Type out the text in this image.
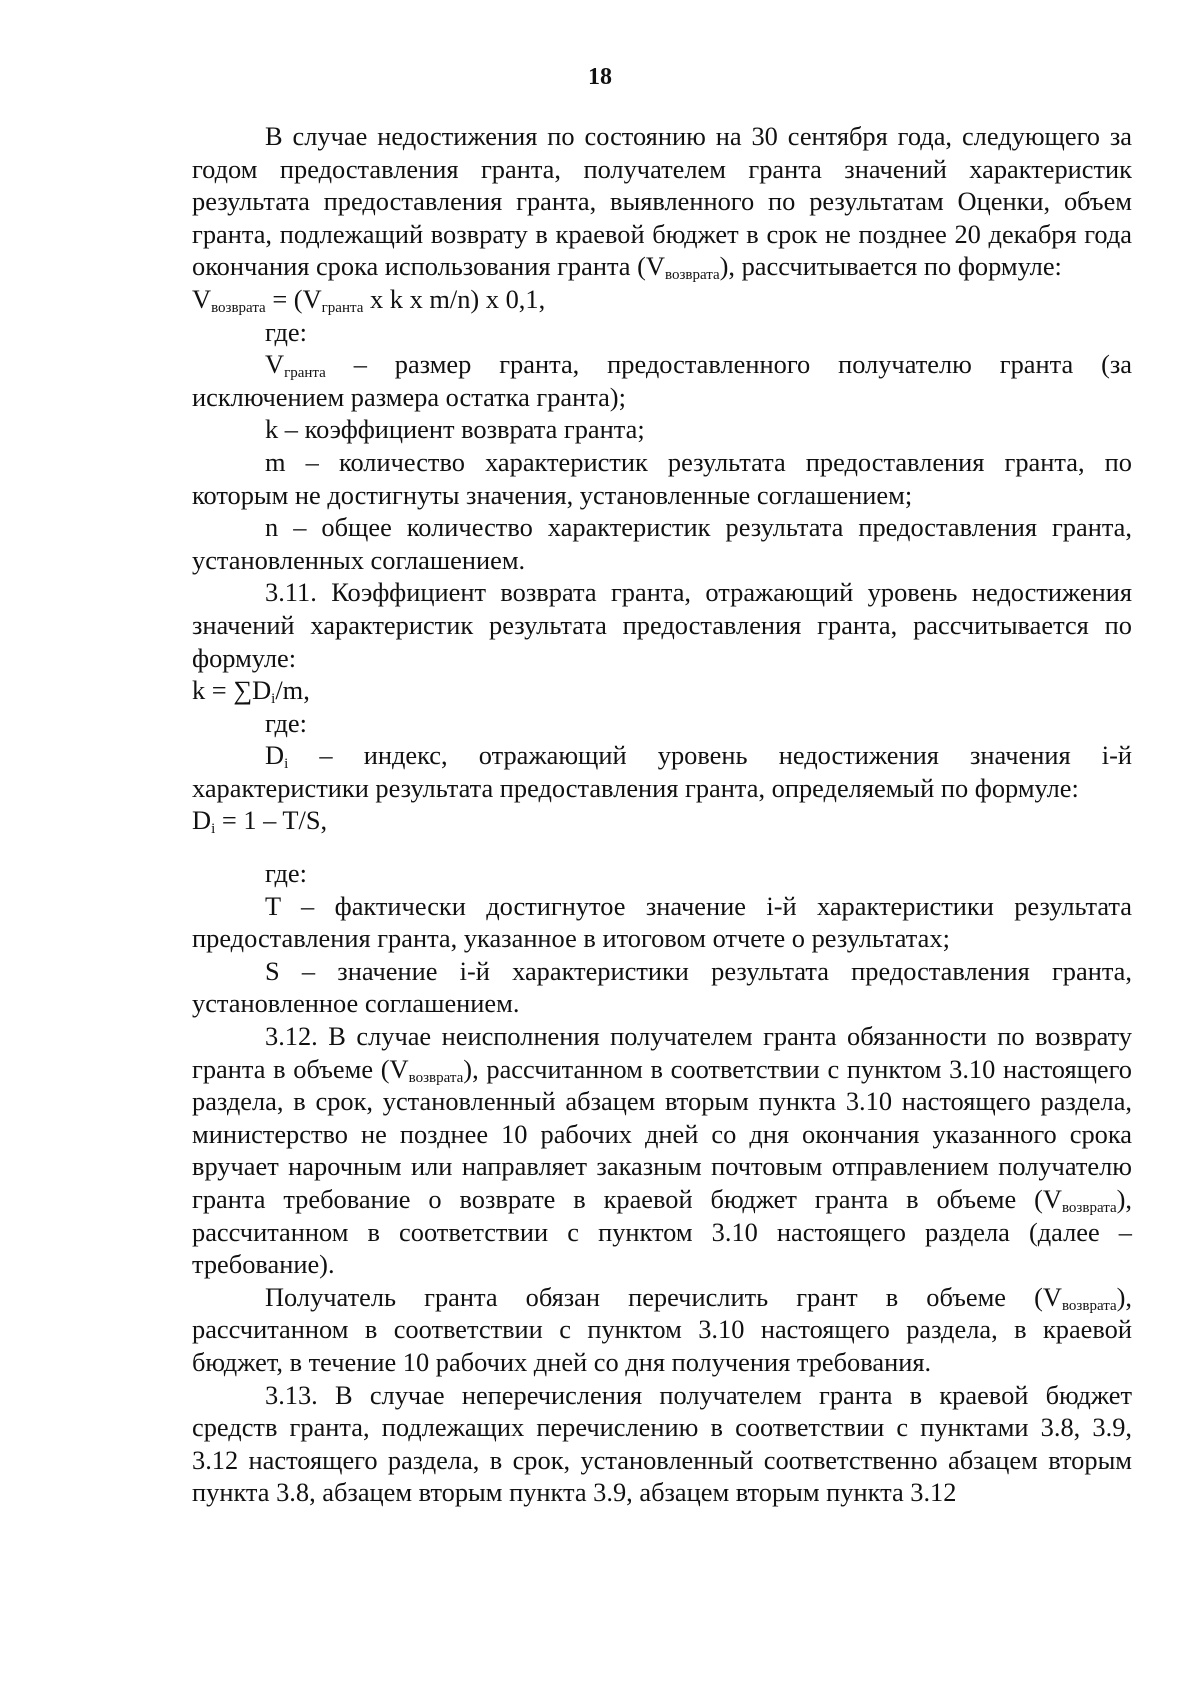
18

В случае недостижения по состоянию на 30 сентября года, следующего за годом предоставления гранта, получателем гранта значений характеристик результата предоставления гранта, выявленного по результатам Оценки, объем гранта, подлежащий возврату в краевой бюджет в срок не позднее 20 декабря года окончания срока использования гранта $(V_{возврата})$, рассчитывается по формуле:

$V_{возврата} = (V_{гранта}$ x k x m/n) x 0,1,

где:

$V_{гранта}$ – размер гранта, предоставленного получателю гранта (за исключением размера остатка гранта);

k – коэффициент возврата гранта;

m – количество характеристик результата предоставления гранта, по которым не достигнуты значения, установленные соглашением;

n – общее количество характеристик результата предоставления гранта, установленных соглашением.

3.11. Коэффициент возврата гранта, отражающий уровень недостижения значений характеристик результата предоставления гранта, рассчитывается по формуле:

$k = \sum D_i/m$,

где:

$D_i$ – индекс, отражающий уровень недостижения значения i-й характеристики результата предоставления гранта, определяемый по формуле:

$D_i = 1 - T/S$,

где:

T – фактически достигнутое значение i-й характеристики результата предоставления гранта, указанное в итоговом отчете о результатах;

S – значение i-й характеристики результата предоставления гранта, установленное соглашением.

3.12. В случае неисполнения получателем гранта обязанности по возврату гранта в объеме $(V_{возврата})$, рассчитанном в соответствии с пунктом 3.10 настоящего раздела, в срок, установленный абзацем вторым пункта 3.10 настоящего раздела, министерство не позднее 10 рабочих дней со дня окончания указанного срока вручает нарочным или направляет заказным почтовым отправлением получателю гранта требование о возврате в краевой бюджет гранта в объеме $(V_{возврата})$, рассчитанном в соответствии с пунктом 3.10 настоящего раздела (далее – требование).

Получатель гранта обязан перечислить грант в объеме $(V_{возврата})$, рассчитанном в соответствии с пунктом 3.10 настоящего раздела, в краевой бюджет, в течение 10 рабочих дней со дня получения требования.

3.13. В случае неперечисления получателем гранта в краевой бюджет средств гранта, подлежащих перечислению в соответствии с пунктами 3.8, 3.9, 3.12 настоящего раздела, в срок, установленный соответственно абзацем вторым пункта 3.8, абзацем вторым пункта 3.9, абзацем вторым пункта 3.12
